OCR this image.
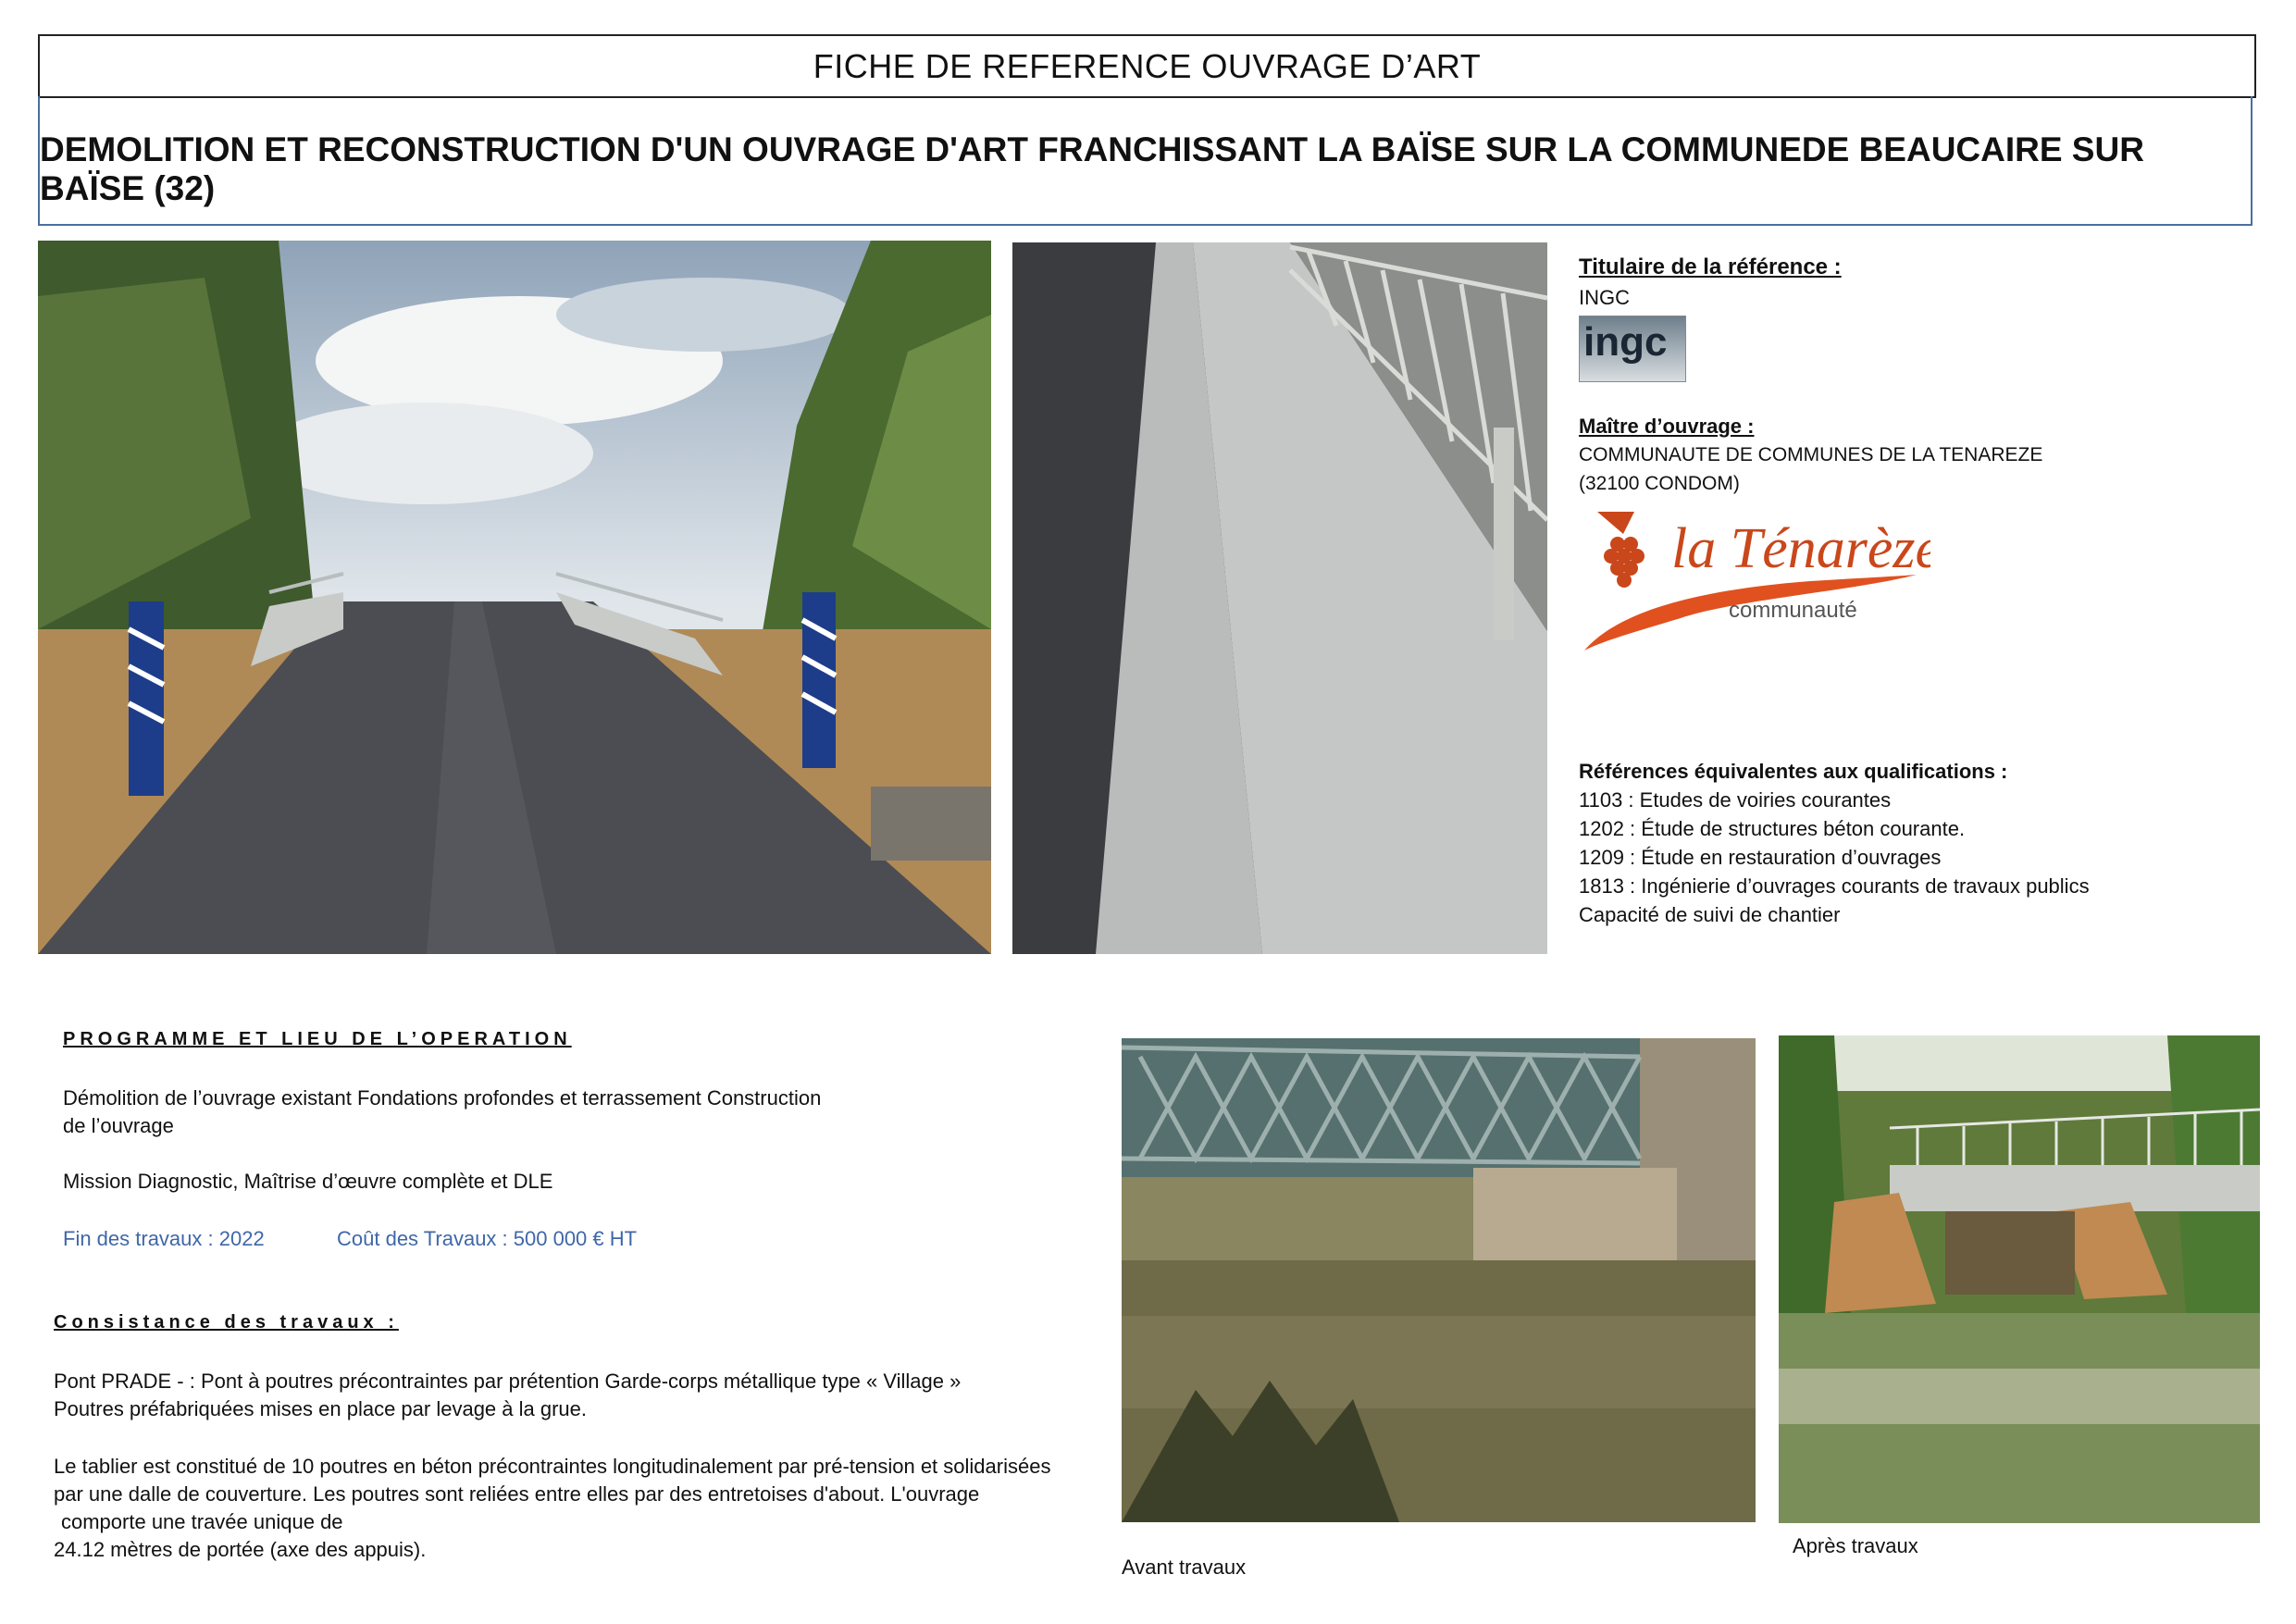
FICHE DE REFERENCE OUVRAGE D’ART
DEMOLITION ET RECONSTRUCTION D'UN OUVRAGE D'ART FRANCHISSANT LA BAÏSE SUR LA COMMUNEDE BEAUCAIRE SUR BAÏSE (32)
Titulaire de la référence :
INGC
ingc
Maître d’ouvrage :
COMMUNAUTE DE COMMUNES DE LA TENAREZE
(32100 CONDOM)
la Ténarèze
communauté
Références équivalentes aux qualifications :
1103 : Etudes de voiries courantes
1202 : Étude de structures béton courante.
1209 : Étude en restauration d’ouvrages
1813 : Ingénierie d’ouvrages courants de travaux publics
Capacité de suivi de chantier
PROGRAMME ET LIEU DE L’OPERATION
Démolition de l’ouvrage existant Fondations profondes et terrassement Construction
de l’ouvrage
Mission Diagnostic, Maîtrise d’œuvre complète et DLE
Fin des travaux : 2022	Coût des Travaux : 500 000 € HT
Consistance des travaux :
Pont PRADE - : Pont à poutres précontraintes par prétention Garde-corps métallique type « Village »
Poutres préfabriquées mises en place par levage à la grue.
Le tablier est constitué de 10 poutres en béton précontraintes longitudinalement par pré-tension et solidarisées
par une dalle de couverture. Les poutres sont reliées entre elles par des entretoises d'about. L'ouvrage
comporte une travée unique de
24.12 mètres de portée (axe des appuis).
Avant travaux
Après travaux
